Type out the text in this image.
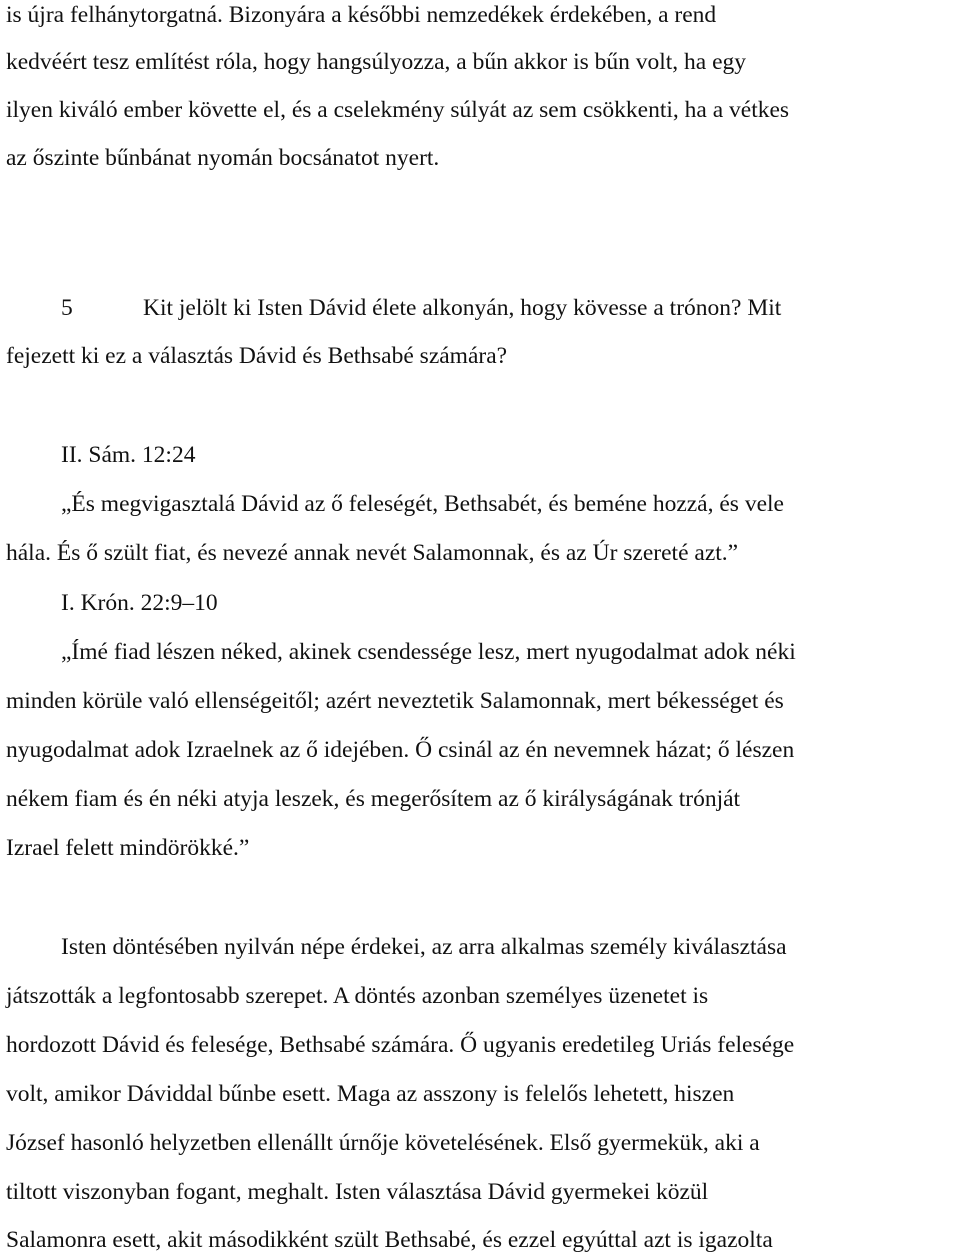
is újra felhánytorgatná. Bizonyára a későbbi nemzedékek érdekében, a rend
kedvéért tesz említést róla, hogy hangsúlyozza, a bűn akkor is bűn volt, ha egy
ilyen kiváló ember követte el, és a cselekmény súlyát az sem csökkenti, ha a vétkes
az őszinte bűnbánat nyomán bocsánatot nyert.
5	Kit jelölt ki Isten Dávid élete alkonyán, hogy kövesse a trónon? Mit
fejezett ki ez a választás Dávid és Bethsabé számára?
II. Sám. 12:24
„És megvigasztalá Dávid az ő feleségét, Bethsabét, és beméne hozzá, és vele
hála. És ő szült fiat, és nevezé annak nevét Salamonnak, és az Úr szereté azt.”
I. Krón. 22:9–10
„Ímé fiad lészen néked, akinek csendessége lesz, mert nyugodalmat adok néki
minden körüle való ellenségeitől; azért neveztetik Salamonnak, mert békességet és
nyugodalmat adok Izraelnek az ő idejében. Ő csinál az én nevemnek házat; ő lészen
nékem fiam és én néki atyja leszek, és megerősítem az ő királyságának trónját
Izrael felett mindörökké.”
Isten döntésében nyilván népe érdekei, az arra alkalmas személy kiválasztása
játszották a legfontosabb szerepet. A döntés azonban személyes üzenetet is
hordozott Dávid és felesége, Bethsabé számára. Ő ugyanis eredetileg Uriás felesége
volt, amikor Dáviddal bűnbe esett. Maga az asszony is felelős lehetett, hiszen
József hasonló helyzetben ellenállt úrnője követelésének. Első gyermekük, aki a
tiltott viszonyban fogant, meghalt. Isten választása Dávid gyermekei közül
Salamonra esett, akit másodikként szült Bethsabé, és ezzel egyúttal azt is igazolta
